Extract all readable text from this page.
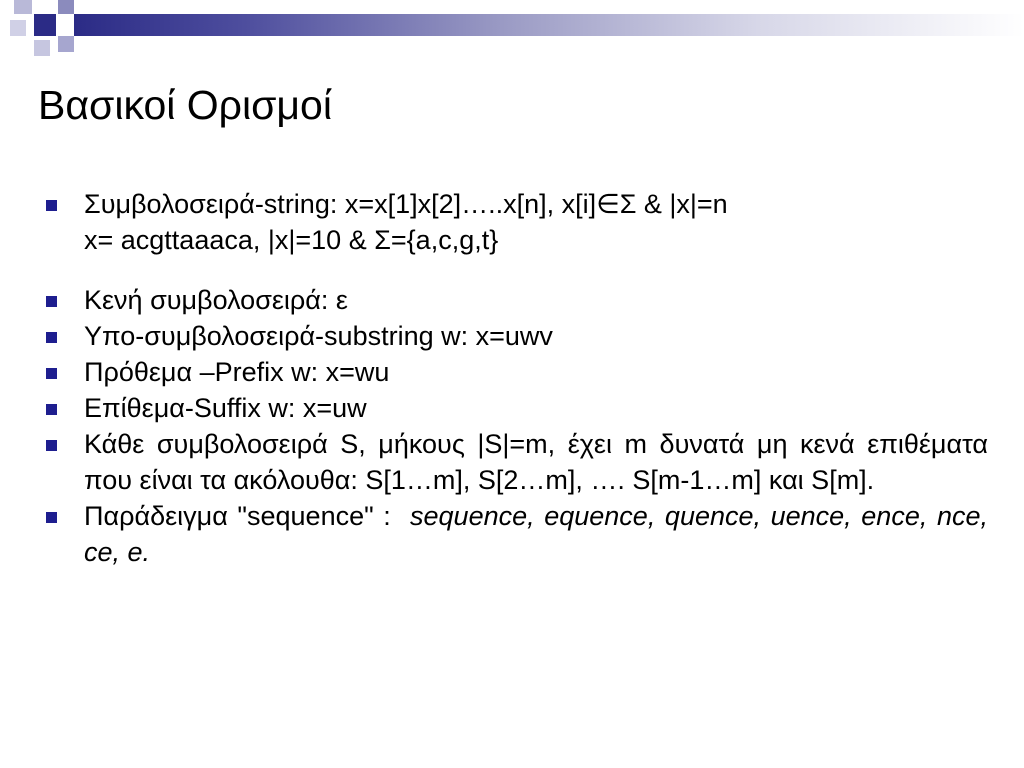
Βασικοί Ορισμοί
Συμβολοσειρά-string: x=x[1]x[2]…..x[n], x[i]∈Σ & |x|=n
x= acgttaaaca, |x|=10 & Σ={a,c,g,t}
Κενή συμβολοσειρά: ε
Υπο-συμβολοσειρά-substring w: x=uwv
Πρόθεμα –Prefix w: x=wu
Επίθεμα-Suffix w: x=uw
Κάθε συμβολοσειρά S, μήκους |S|=m, έχει m δυνατά μη κενά επιθέματα που είναι τα ακόλουθα: S[1…m], S[2…m], …. S[m-1…m] και S[m].
Παράδειγμα "sequence" :  sequence, equence, quence, uence, ence, nce, ce, e.
